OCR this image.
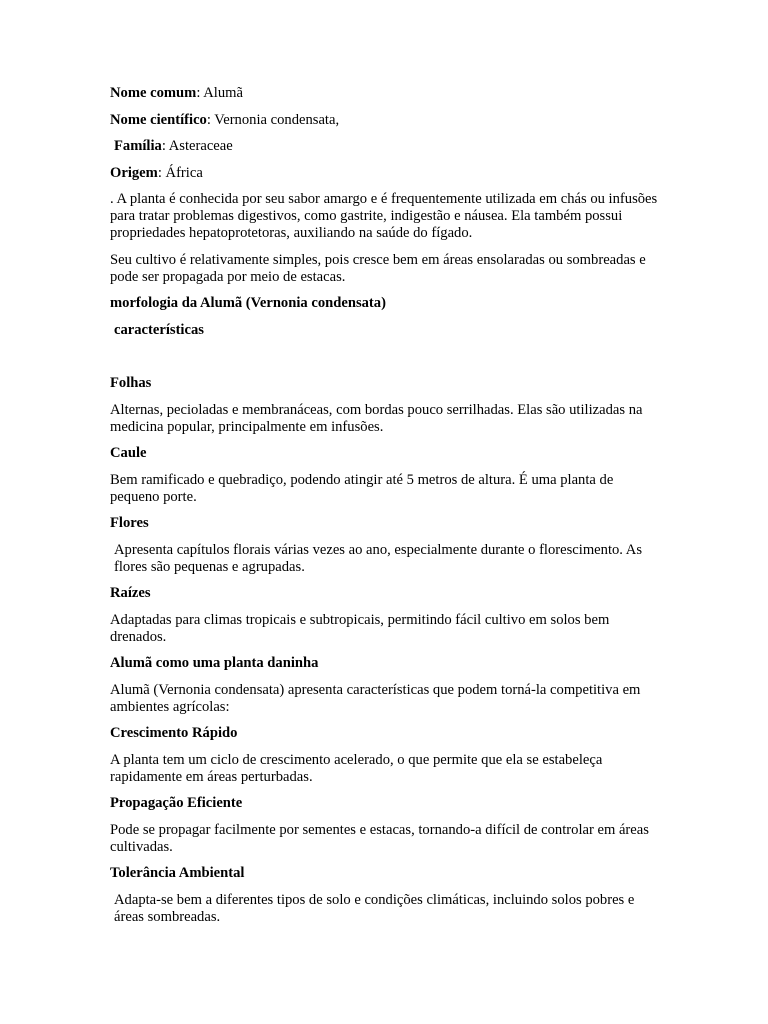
Nome comum: Alumã

Nome científico: Vernonia condensata,

Família: Asteraceae

Origem: África

. A planta é conhecida por seu sabor amargo e é frequentemente utilizada em chás ou infusões para tratar problemas digestivos, como gastrite, indigestão e náusea. Ela também possui propriedades hepatoprotetoras, auxiliando na saúde do fígado.

Seu cultivo é relativamente simples, pois cresce bem em áreas ensolaradas ou sombreadas e pode ser propagada por meio de estacas.

morfologia da Alumã (Vernonia condensata)

características

Folhas

Alternas, pecioladas e membranáceas, com bordas pouco serrilhadas. Elas são utilizadas na medicina popular, principalmente em infusões.

Caule

Bem ramificado e quebradiço, podendo atingir até 5 metros de altura. É uma planta de pequeno porte.

Flores

Apresenta capítulos florais várias vezes ao ano, especialmente durante o florescimento. As flores são pequenas e agrupadas.

Raízes

Adaptadas para climas tropicais e subtropicais, permitindo fácil cultivo em solos bem drenados.

Alumã como uma planta daninha

Alumã (Vernonia condensata) apresenta características que podem torná-la competitiva em ambientes agrícolas:

Crescimento Rápido

A planta tem um ciclo de crescimento acelerado, o que permite que ela se estabeleça rapidamente em áreas perturbadas.

Propagação Eficiente

Pode se propagar facilmente por sementes e estacas, tornando-a difícil de controlar em áreas cultivadas.

Tolerância Ambiental

Adapta-se bem a diferentes tipos de solo e condições climáticas, incluindo solos pobres e áreas sombreadas.
